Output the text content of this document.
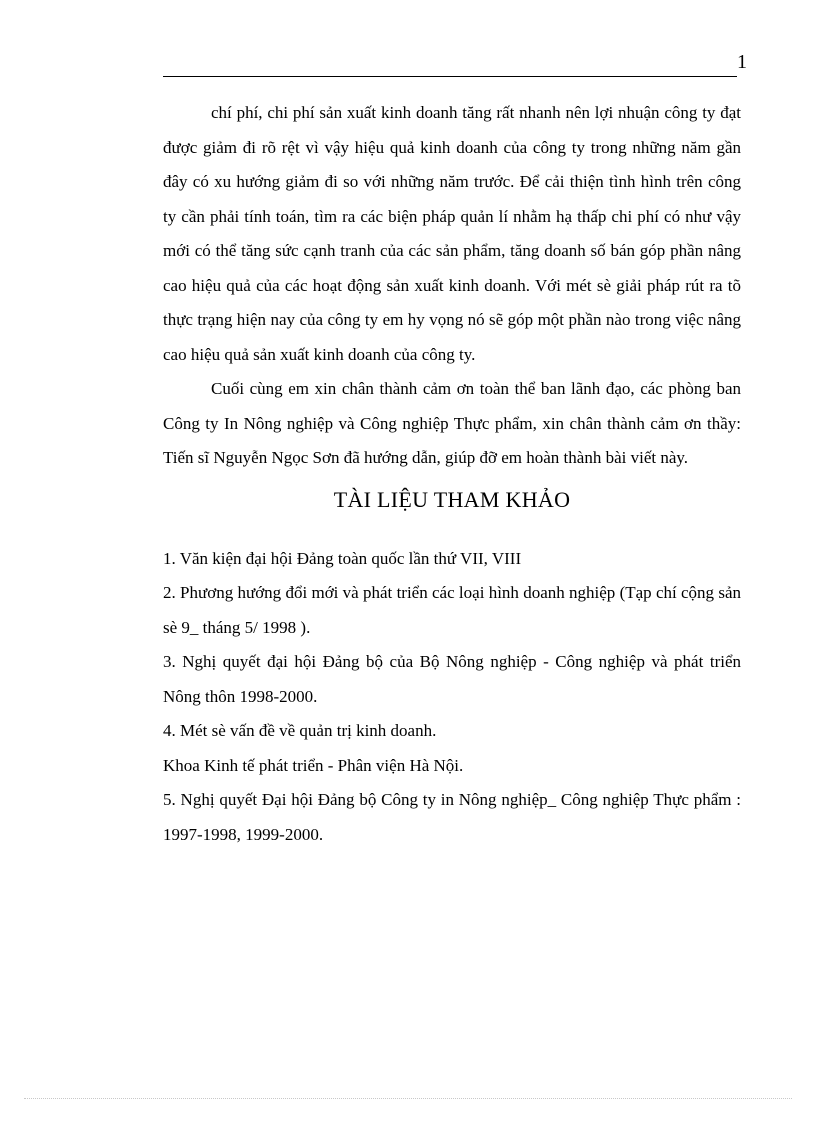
1

chí phí, chi phí sản xuất kinh doanh tăng rất nhanh nên lợi nhuận công ty đạt được giảm đi rõ rệt vì vậy hiệu quả kinh doanh của công ty trong những năm gần đây có xu hướng giảm đi so với những năm trước. Để cải thiện tình hình trên công ty cần phải tính toán, tìm ra các biện pháp quản lí nhằm hạ thấp chi phí có như vậy mới có thể tăng sức cạnh tranh của các sản phẩm, tăng doanh số bán góp phần nâng cao hiệu quả của các hoạt động sản xuất kinh doanh. Với mét sè giải pháp rút ra tõ thực trạng hiện nay của công ty em hy vọng nó sẽ góp một phần nào trong việc nâng cao hiệu quả sản xuất kinh doanh của công ty.

Cuối cùng em xin chân thành cảm ơn toàn thể ban lãnh đạo, các phòng ban Công ty In Nông nghiệp và Công nghiệp Thực phẩm, xin chân thành cảm ơn thầy: Tiến sĩ Nguyễn Ngọc Sơn đã hướng dẫn, giúp đỡ em hoàn thành bài viết này.

TÀI LIỆU THAM KHẢO

1. Văn kiện đại hội Đảng toàn quốc lần thứ VII, VIII

2. Phương hướng đổi mới và phát triển các loại hình doanh nghiệp (Tạp chí cộng sản sè 9_ tháng 5/ 1998 ).

3. Nghị quyết đại hội Đảng bộ của Bộ Nông nghiệp - Công nghiệp và phát triển Nông thôn 1998-2000.

4. Mét sè vấn đề về quản trị kinh doanh.

Khoa Kinh tế phát triển - Phân viện Hà Nội.

5. Nghị quyết Đại hội Đảng bộ Công ty in Nông nghiệp_ Công nghiệp Thực phẩm : 1997-1998, 1999-2000.
